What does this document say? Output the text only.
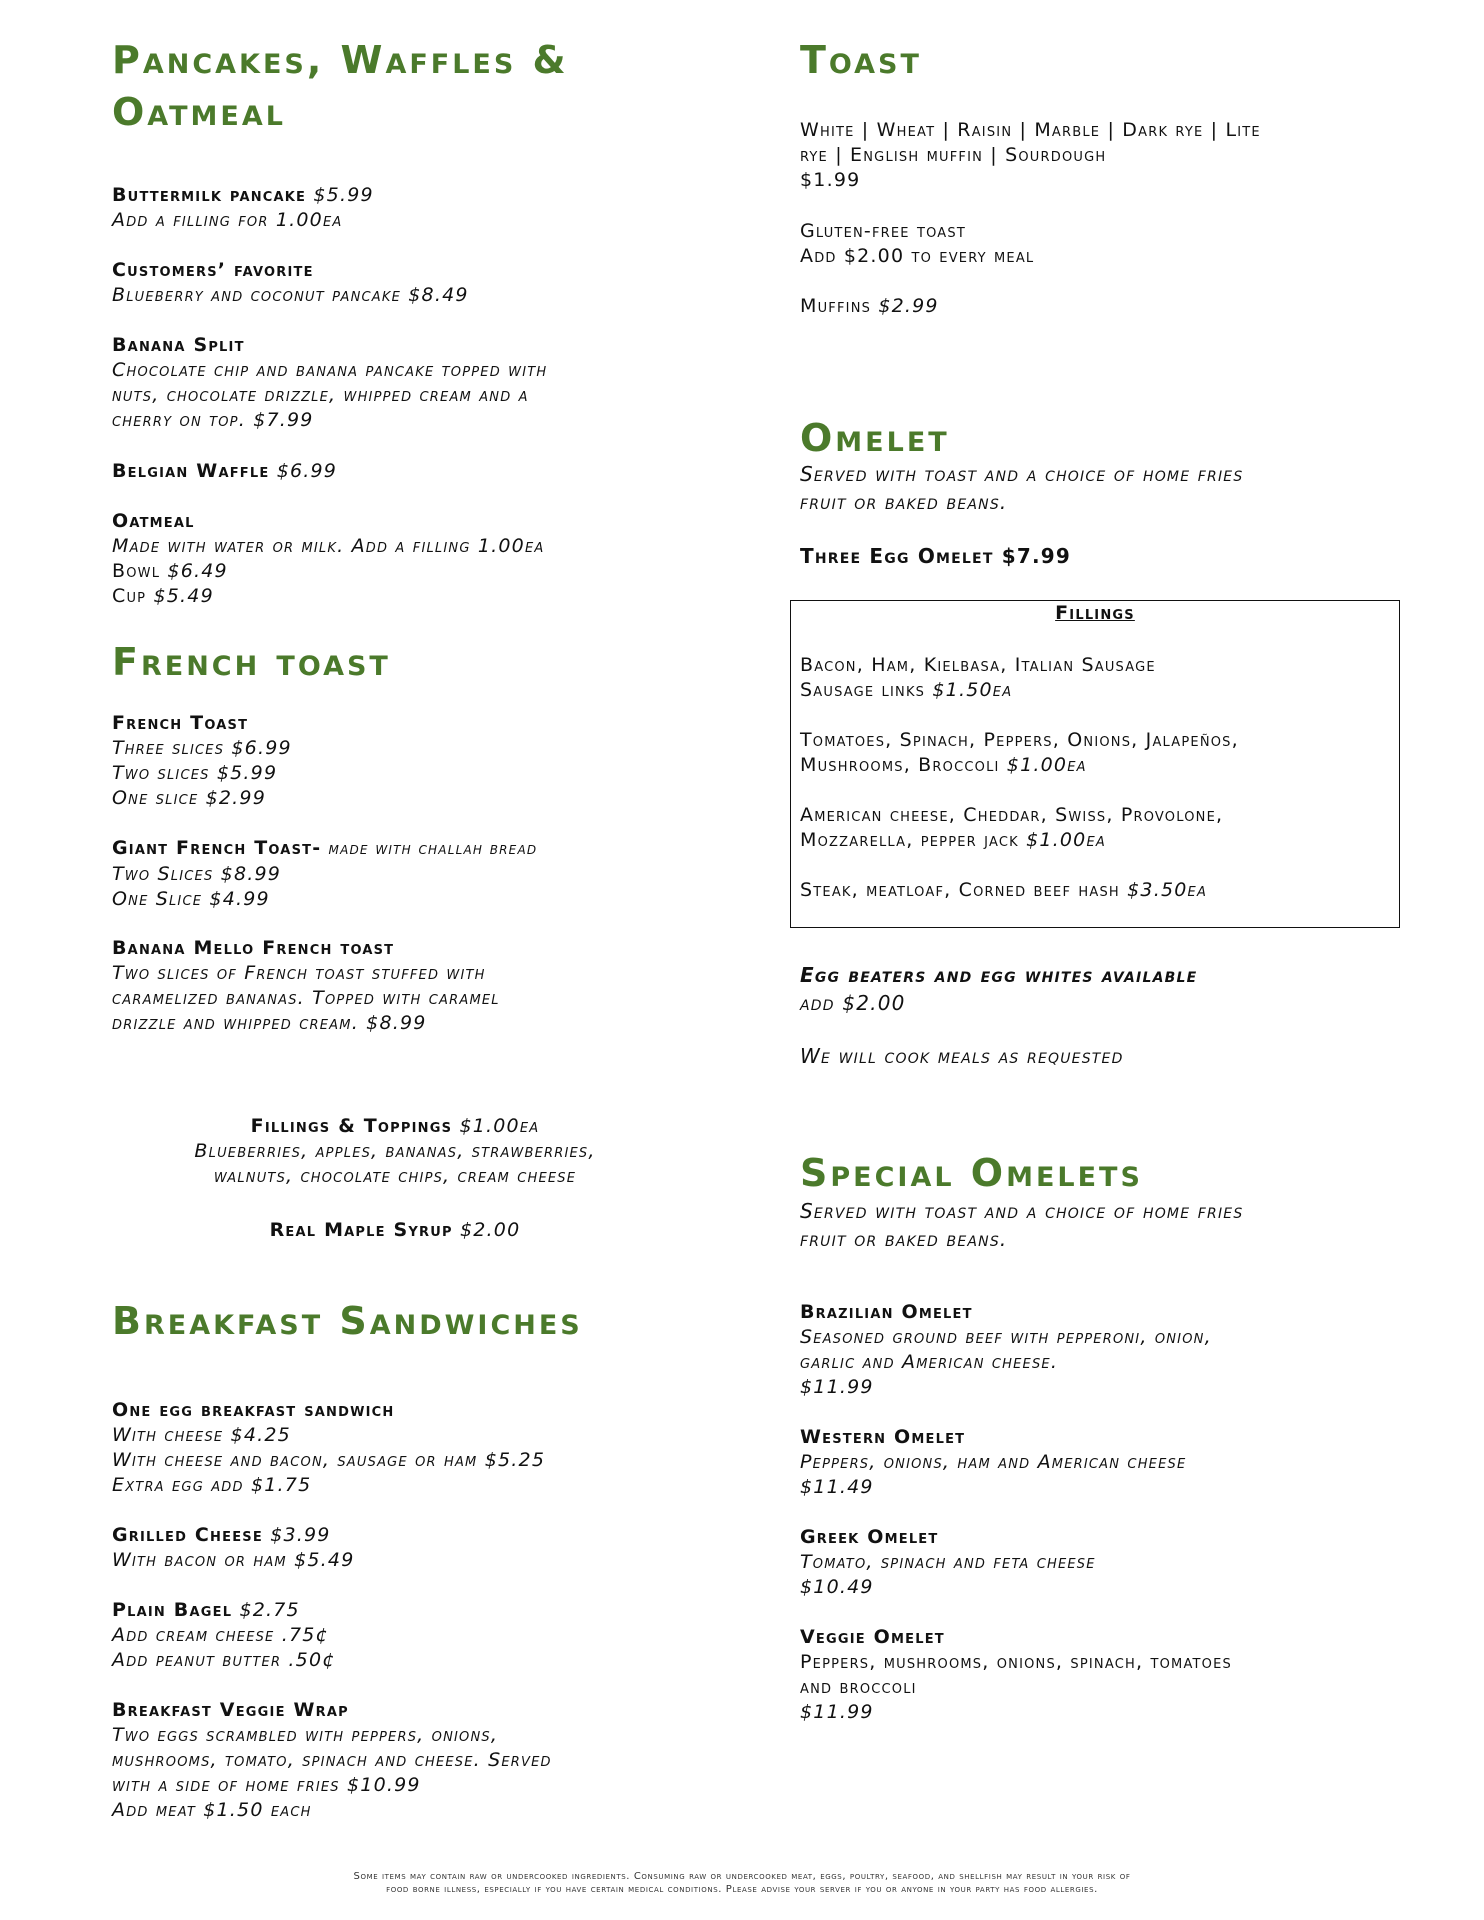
Pancakes, Waffles &
Oatmeal
Buttermilk pancake $5.99
Add a filling for 1.00ea
Customers’ favorite
Blueberry and coconut pancake $8.49
Banana Split
Chocolate chip and banana pancake topped with
nuts, chocolate drizzle, whipped cream and a
cherry on top. $7.99
Belgian Waffle $6.99
Oatmeal
Made with water or milk. Add a filling 1.00ea
Bowl $6.49
Cup $5.49
French toast
French Toast
Three slices $6.99
Two slices $5.99
One slice $2.99
Giant French Toast- made with challah bread
Two Slices $8.99
One Slice $4.99
Banana Mello French toast
Two slices of French toast stuffed with
caramelized bananas. Topped with caramel
drizzle and whipped cream. $8.99
Fillings & Toppings $1.00ea
Blueberries, apples, bananas, strawberries,
walnuts, chocolate chips, cream cheese
Real Maple Syrup $2.00
Breakfast Sandwiches
One egg breakfast sandwich
With cheese $4.25
With cheese and bacon, sausage or ham $5.25
Extra egg add $1.75
Grilled Cheese $3.99
With bacon or ham $5.49
Plain Bagel $2.75
Add cream cheese .75¢
Add peanut butter .50¢
Breakfast Veggie Wrap
Two eggs scrambled with peppers, onions,
mushrooms, tomato, spinach and cheese. Served
with a side of home fries $10.99
Add meat $1.50 each
Toast
White | Wheat | Raisin | Marble | Dark rye | Lite
rye | English muffin | Sourdough
$1.99
Gluten-free toast
Add $2.00 to every meal
Muffins $2.99
Omelet
Served with toast and a choice of home fries
fruit or baked beans.
Three Egg Omelet $7.99
Fillings
Bacon, Ham, Kielbasa, Italian Sausage
Sausage links $1.50ea
Tomatoes, Spinach, Peppers, Onions, Jalapeños,
Mushrooms, Broccoli $1.00ea
American cheese, Cheddar, Swiss, Provolone,
Mozzarella, pepper jack $1.00ea
Steak, meatloaf, Corned beef hash $3.50ea
Egg beaters and egg whites available
add $2.00
We will cook meals as requested
Special Omelets
Served with toast and a choice of home fries
fruit or baked beans.
Brazilian Omelet
Seasoned ground beef with pepperoni, onion,
garlic and American cheese.
$11.99
Western Omelet
Peppers, onions, ham and American cheese
$11.49
Greek Omelet
Tomato, spinach and feta cheese
$10.49
Veggie Omelet
Peppers, mushrooms, onions, spinach, tomatoes
and broccoli
$11.99
Some items may contain raw or undercooked ingredients. Consuming raw or undercooked meat, eggs, poultry, seafood, and shellfish may result in your risk of
food borne illness, especially if you have certain medical conditions. Please advise your server if you or anyone in your party has food allergies.
